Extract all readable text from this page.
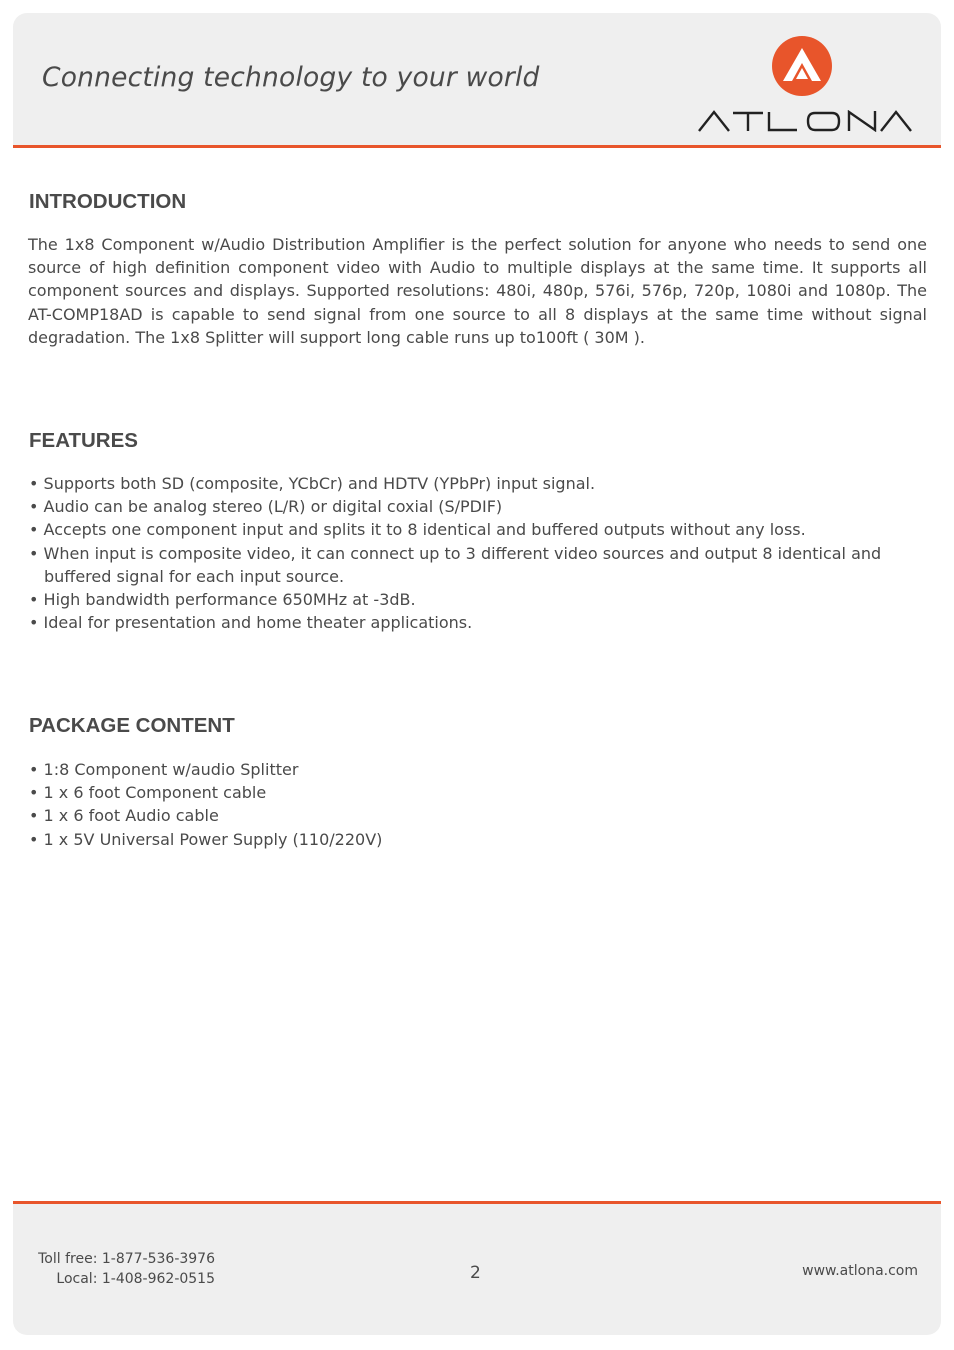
Connecting technology to your world
INTRODUCTION

The 1x8 Component w/Audio Distribution Amplifier is the perfect solution for anyone who needs to send one source of high definition component video with Audio to multiple displays at the same time. It supports all component sources and displays. Supported resolutions: 480i, 480p, 576i, 576p, 720p, 1080i and 1080p. The AT-COMP18AD is capable to send signal from one source to all 8 displays at the same time without signal degradation. The 1x8 Splitter will support long cable runs up to100ft ( 30M ).

FEATURES
• Supports both SD (composite, YCbCr) and HDTV (YPbPr) input signal.
• Audio can be analog stereo (L/R) or digital coxial (S/PDIF)
• Accepts one component input and splits it to 8 identical and buffered outputs without any loss.
• When input is composite video, it can connect up to 3 different video sources and output 8 identical and buffered signal for each input source.
• High bandwidth performance 650MHz at -3dB.
• Ideal for presentation and home theater applications.
PACKAGE CONTENT
• 1:8 Component w/audio Splitter
• 1 x 6 foot Component cable
• 1 x 6 foot Audio cable
• 1 x 5V Universal Power Supply (110/220V)
Toll free: 1-877-536-3976
Local: 1-408-962-0515	2	www.atlona.com
